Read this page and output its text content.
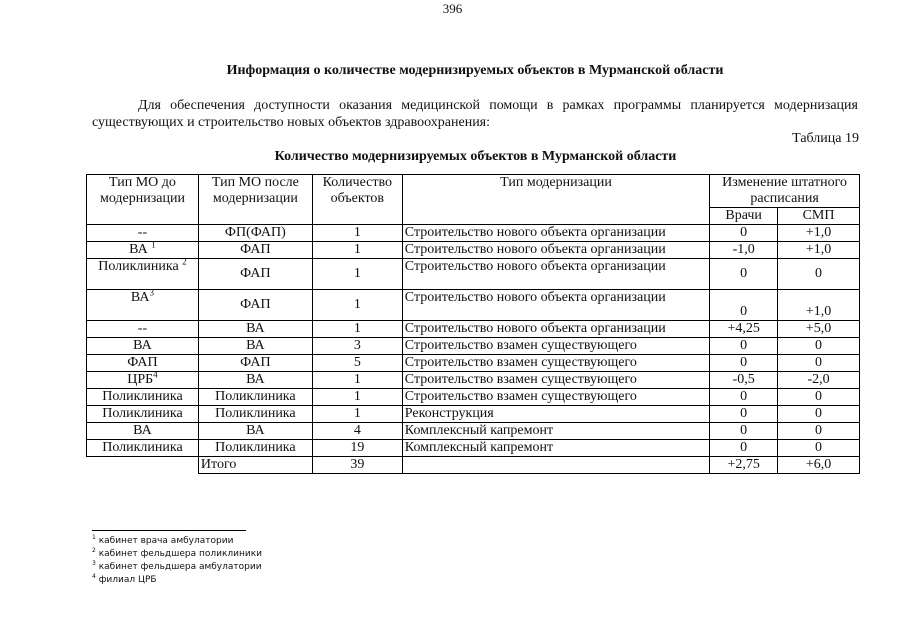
396
Информация о количестве модернизируемых объектов в Мурманской области
Для обеспечения доступности оказания медицинской помощи в рамках программы планируется модернизация существующих и строительство новых объектов здравоохранения:
Таблица 19
Количество модернизируемых объектов в Мурманской области
Тип МО до модернизации	Тип МО после модернизации	Количество объектов	Тип модернизации	Изменение штатного расписания	
				Врачи	СМП
--	ФП(ФАП)	1	Строительство нового объекта организации	0	+1,0
ВА $^1$	ФАП	1	Строительство нового объекта организации	-1,0	+1,0
Поликлиника $^2$	ФАП	1	Строительство нового объекта организации	0	0
$ВА^3$	ФАП	1	Строительство нового объекта организации	0	+1,0
--	ВА	1	Строительство нового объекта организации	+4,25	+5,0
ВА	ВА	3	Строительство взамен существующего	0	0
ФАП	ФАП	5	Строительство взамен существующего	0	0
ЦРБ$^4$	ВА	1	Строительство взамен существующего	-0,5	-2,0
Поликлиника	Поликлиника	1	Строительство взамен существующего	0	0
Поликлиника	Поликлиника	1	Реконструкция	0	0
ВА	ВА	4	Комплексный капремонт	0	0
Поликлиника	Поликлиника	19	Комплексный капремонт	0	0
	Итого	39		+2,75	+6,0
$^1$ кабинет врача амбулатории
$^2$ кабинет фельдшера поликлиники
$^3$ кабинет фельдшера амбулатории
$^4$ филиал ЦРБ
